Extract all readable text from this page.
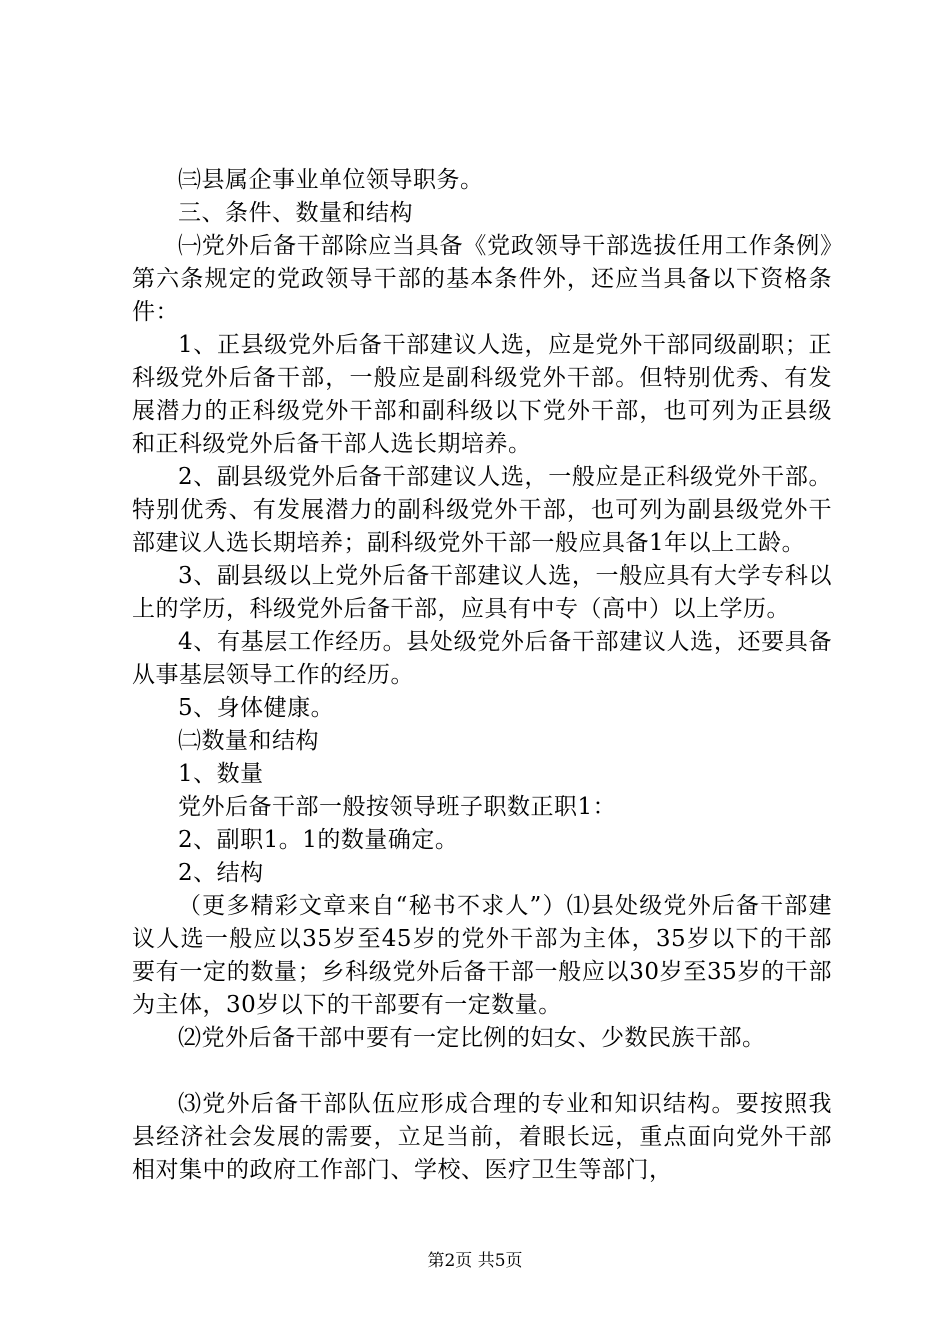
㈢县属企事业单位领导职务。

三、条件、数量和结构

㈠党外后备干部除应当具备《党政领导干部选拔任用工作条例》第六条规定的党政领导干部的基本条件外，还应当具备以下资格条件：

1、正县级党外后备干部建议人选，应是党外干部同级副职；正科级党外后备干部，一般应是副科级党外干部。但特别优秀、有发展潜力的正科级党外干部和副科级以下党外干部，也可列为正县级和正科级党外后备干部人选长期培养。

2、副县级党外后备干部建议人选，一般应是正科级党外干部。特别优秀、有发展潜力的副科级党外干部，也可列为副县级党外干部建议人选长期培养；副科级党外干部一般应具备1年以上工龄。

3、副县级以上党外后备干部建议人选，一般应具有大学专科以上的学历，科级党外后备干部，应具有中专（高中）以上学历。

4、有基层工作经历。县处级党外后备干部建议人选，还要具备从事基层领导工作的经历。

5、身体健康。

㈡数量和结构

1、数量

党外后备干部一般按领导班子职数正职1：

2、副职1。1的数量确定。

2、结构

（更多精彩文章来自“秘书不求人”）⑴县处级党外后备干部建议人选一般应以35岁至45岁的党外干部为主体，35岁以下的干部要有一定的数量；乡科级党外后备干部一般应以30岁至35岁的干部为主体，30岁以下的干部要有一定数量。

⑵党外后备干部中要有一定比例的妇女、少数民族干部。

⑶党外后备干部队伍应形成合理的专业和知识结构。要按照我县经济社会发展的需要，立足当前，着眼长远，重点面向党外干部相对集中的政府工作部门、学校、医疗卫生等部门，

第2页 共5页
